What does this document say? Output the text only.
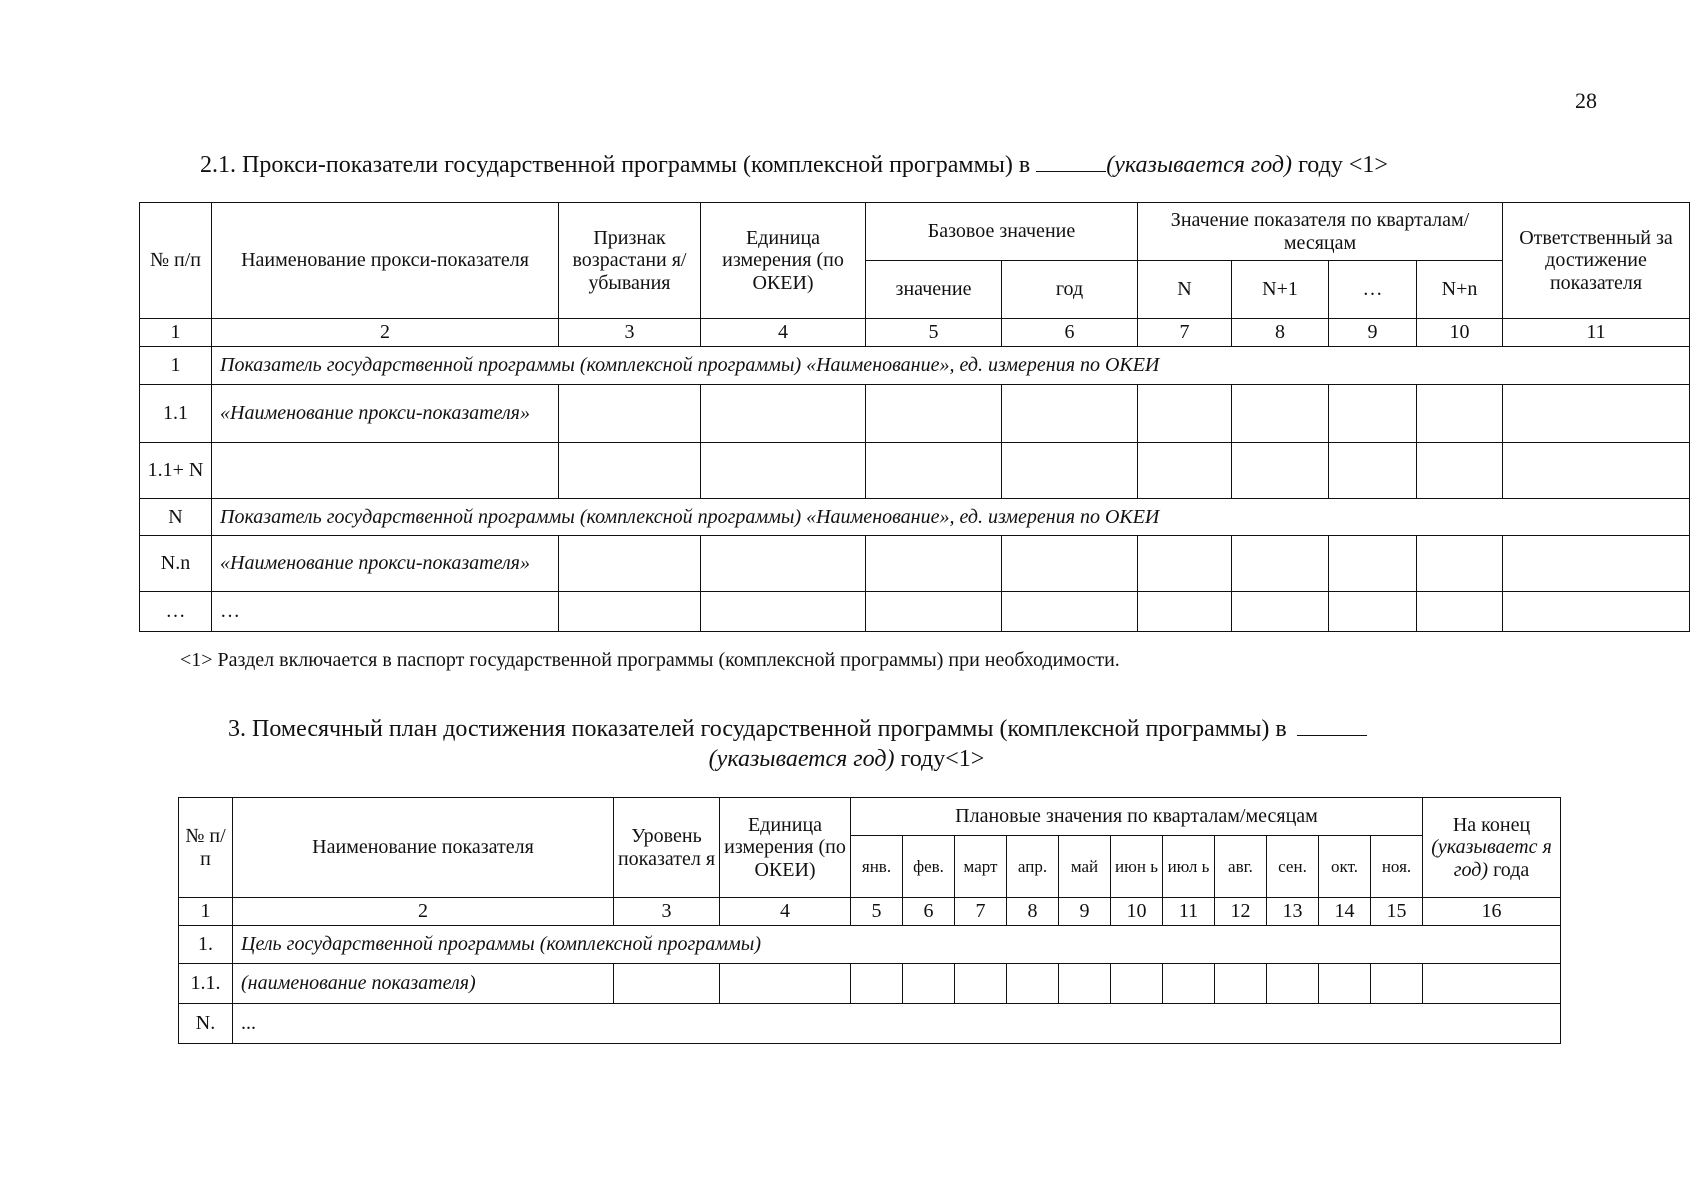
28
2.1. Прокси-показатели государственной программы (комплексной программы) в	(указывается год) году <1>
№ п/п	Наименование прокси-показателя	Признак возрастани я/ убывания	Единица измерения (по ОКЕИ)	Базовое значение		Значение показателя по кварталам/месяцам				Ответственный за достижение показателя
				значение	год	N	N+1	…	N+n	
1	2	3	4	5	6	7	8	9	10	11
1	Показатель государственной программы (комплексной программы) «Наименование», ед. измерения по ОКЕИ									
1.1	«Наименование прокси-показателя»									
1.1+ N										
N	Показатель государственной программы (комплексной программы) «Наименование», ед. измерения по ОКЕИ									
N.n	«Наименование прокси-показателя»									
…	…									
<1> Раздел включается в паспорт государственной программы (комплексной программы) при необходимости.
3. Помесячный план достижения показателей государственной программы (комплексной программы) в
(указывается год) году<1>
№ п/п	Наименование показателя	Уровень показател я	Единица измерения (по ОКЕИ)	Плановые значения по кварталам/месяцам											На конец
(указываетс я год) года
				янв.	фев.	март	апр.	май	июн ь	июл ь	авг.	сен.	окт.	ноя.	
1	2	3	4	5	6	7	8	9	10	11	12	13	14	15	16
1.	Цель государственной программы (комплексной программы)														
1.1.	(наименование показателя)														
N.	...														
